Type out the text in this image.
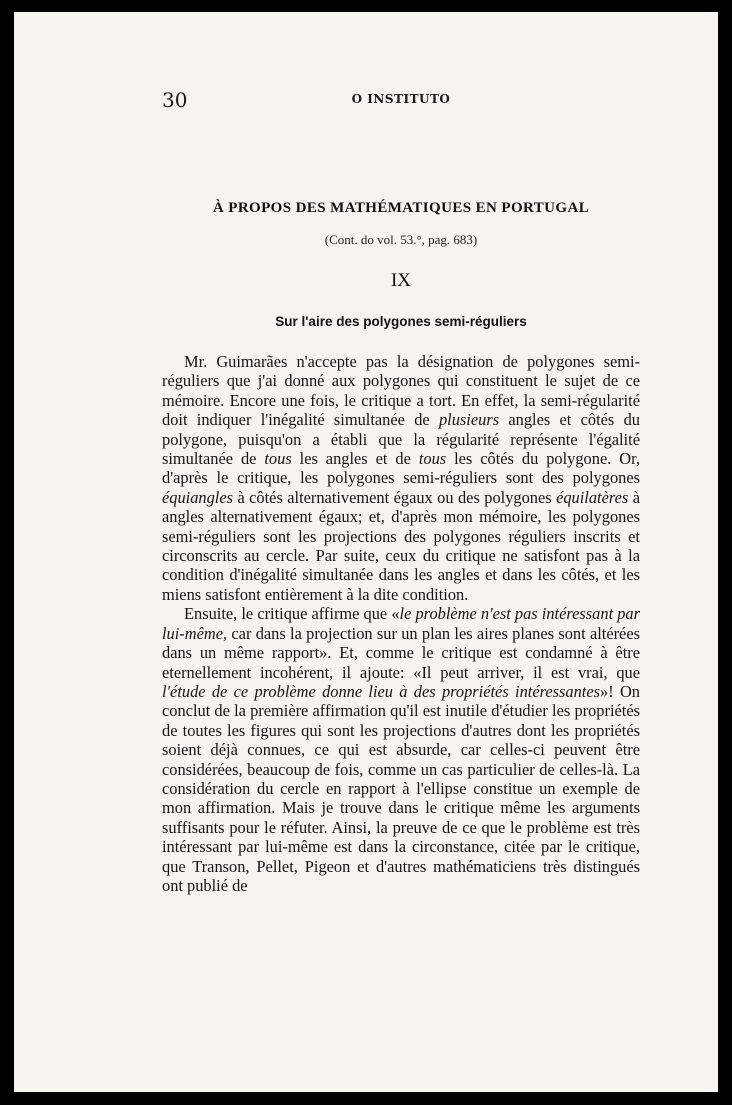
30	O INSTITUTO
À PROPOS DES MATHÉMATIQUES EN PORTUGAL
(Cont. do vol. 53.°, pag. 683)
IX
Sur l'aire des polygones semi-réguliers

Mr. Guimarães n'accepte pas la désignation de polygones semi-réguliers que j'ai donné aux polygones qui constituent le sujet de ce mémoire. Encore une fois, le critique a tort. En effet, la semi-régularité doit indiquer l'inégalité simultanée de plusieurs angles et côtés du polygone, puisqu'on a établi que la régularité représente l'égalité simultanée de tous les angles et de tous les côtés du polygone. Or, d'après le critique, les polygones semi-réguliers sont des polygones équiangles à côtés alternativement égaux ou des polygones équilatères à angles alternativement égaux; et, d'après mon mémoire, les polygones semi-réguliers sont les projections des polygones réguliers inscrits et circonscrits au cercle. Par suite, ceux du critique ne satisfont pas à la condition d'inégalité simultanée dans les angles et dans les côtés, et les miens satisfont entièrement à la dite condition.

Ensuite, le critique affirme que «le problème n'est pas intéressant par lui-même, car dans la projection sur un plan les aires planes sont altérées dans un même rapport». Et, comme le critique est condamné à être eternellement incohérent, il ajoute: «Il peut arriver, il est vrai, que l'étude de ce problème donne lieu à des propriétés intéressantes»! On conclut de la première affirmation qu'il est inutile d'étudier les propriétés de toutes les figures qui sont les projections d'autres dont les propriétés soient déjà connues, ce qui est absurde, car celles-ci peuvent être considérées, beaucoup de fois, comme un cas particulier de celles-là. La considération du cercle en rapport à l'ellipse constitue un exemple de mon affirmation. Mais je trouve dans le critique même les arguments suffisants pour le réfuter. Ainsi, la preuve de ce que le problème est très intéressant par lui-même est dans la circonstance, citée par le critique, que Transon, Pellet, Pigeon et d'autres mathématiciens très distingués ont publié de
